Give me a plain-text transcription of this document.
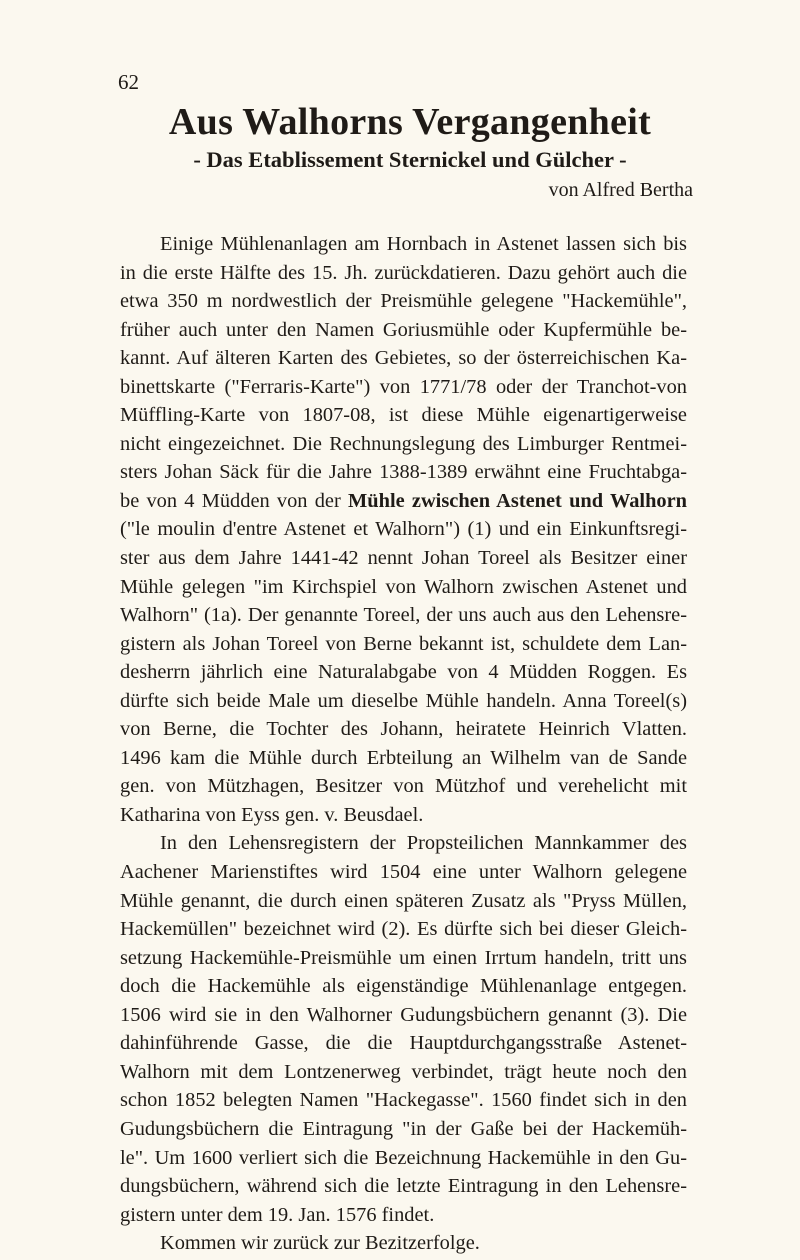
62
Aus Walhorns Vergangenheit
- Das Etablissement Sternickel und Gülcher -
von Alfred Bertha
Einige Mühlenanlagen am Hornbach in Astenet lassen sich bis
in die erste Hälfte des 15. Jh. zurückdatieren. Dazu gehört auch die
etwa 350 m nordwestlich der Preismühle gelegene "Hackemühle",
früher auch unter den Namen Goriusmühle oder Kupfermühle be-
kannt. Auf älteren Karten des Gebietes, so der österreichischen Ka-
binettskarte ("Ferraris-Karte") von 1771/78 oder der Tranchot-von
Müffling-Karte von 1807-08, ist diese Mühle eigenartigerweise
nicht eingezeichnet. Die Rechnungslegung des Limburger Rentmei-
sters Johan Säck für die Jahre 1388-1389 erwähnt eine Fruchtabga-
be von 4 Müdden von der Mühle zwischen Astenet und Walhorn
("le moulin d'entre Astenet et Walhorn") (1) und ein Einkunftsregi-
ster aus dem Jahre 1441-42 nennt Johan Toreel als Besitzer einer
Mühle gelegen "im Kirchspiel von Walhorn zwischen Astenet und
Walhorn" (1a). Der genannte Toreel, der uns auch aus den Lehensre-
gistern als Johan Toreel von Berne bekannt ist, schuldete dem Lan-
desherrn jährlich eine Naturalabgabe von 4 Müdden Roggen. Es
dürfte sich beide Male um dieselbe Mühle handeln. Anna Toreel(s)
von Berne, die Tochter des Johann, heiratete Heinrich Vlatten.
1496 kam die Mühle durch Erbteilung an Wilhelm van de Sande
gen. von Mützhagen, Besitzer von Mützhof und verehelicht mit
Katharina von Eyss gen. v. Beusdael.
In den Lehensregistern der Propsteilichen Mannkammer des
Aachener Marienstiftes wird 1504 eine unter Walhorn gelegene
Mühle genannt, die durch einen späteren Zusatz als "Pryss Müllen,
Hackemüllen" bezeichnet wird (2). Es dürfte sich bei dieser Gleich-
setzung Hackemühle-Preismühle um einen Irrtum handeln, tritt uns
doch die Hackemühle als eigenständige Mühlenanlage entgegen.
1506 wird sie in den Walhorner Gudungsbüchern genannt (3). Die
dahinführende Gasse, die die Hauptdurchgangsstraße Astenet-
Walhorn mit dem Lontzenerweg verbindet, trägt heute noch den
schon 1852 belegten Namen "Hackegasse". 1560 findet sich in den
Gudungsbüchern die Eintragung "in der Gaße bei der Hackemüh-
le". Um 1600 verliert sich die Bezeichnung Hackemühle in den Gu-
dungsbüchern, während sich die letzte Eintragung in den Lehensre-
gistern unter dem 19. Jan. 1576 findet.
Kommen wir zurück zur Bezitzerfolge.
